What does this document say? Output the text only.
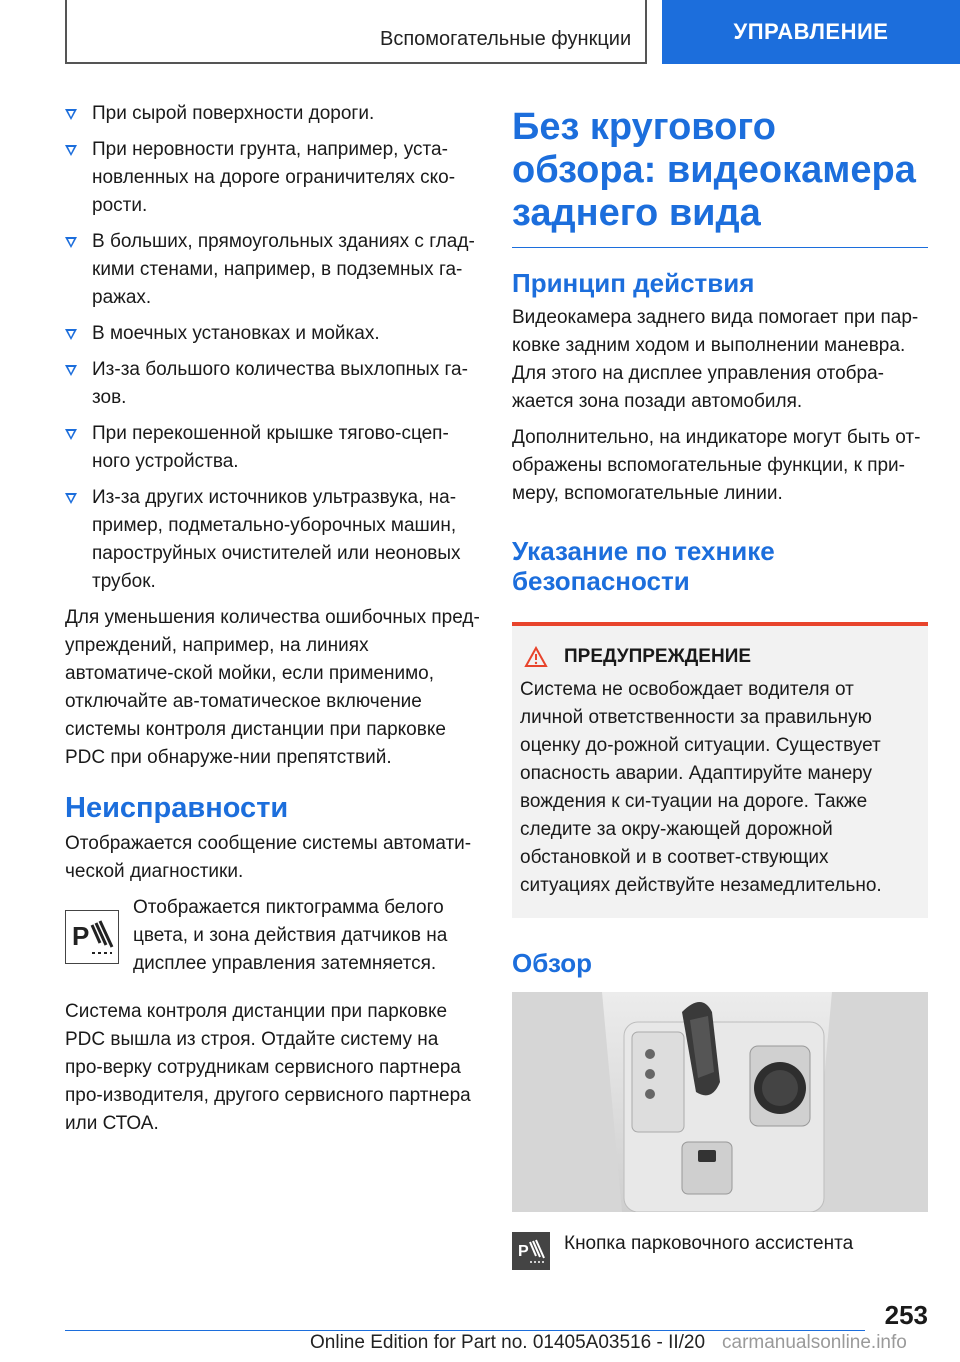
Вспомогательные функции	УПРАВЛЕНИЕ
При сырой поверхности дороги.
При неровности грунта, например, уста-новленных на дороге ограничителях ско-рости.
В больших, прямоугольных зданиях с глад-кими стенами, например, в подземных га-ражах.
В моечных установках и мойках.
Из-за большого количества выхлопных га-зов.
При перекошенной крышке тягово-сцеп-ного устройства.
Из-за других источников ультразвука, на-пример, подметально-уборочных машин, пароструйных очистителей или неоновых трубок.

Для уменьшения количества ошибочных пред-упреждений, например, на линиях автоматиче-ской мойки, если применимо, отключайте ав-томатическое включение системы контроля дистанции при парковке PDC при обнаруже-нии препятствий.

Неисправности

Отображается сообщение системы автомати-ческой диагностики.

P
Отображается пиктограмма белого цвета, и зона действия датчиков на дисплее управления затемняется.

Система контроля дистанции при парковке PDC вышла из строя. Отдайте систему на про-верку сотрудникам сервисного партнера про-изводителя, другого сервисного партнера или СТОА.

Без кругового обзора: видеокамера заднего вида
Принцип действия

Видеокамера заднего вида помогает при пар-ковке задним ходом и выполнении маневра. Для этого на дисплее управления отобра-жается зона позади автомобиля.

Дополнительно, на индикаторе могут быть от-ображены вспомогательные функции, к при-меру, вспомогательные линии.

Указание по технике безопасности
ПРЕДУПРЕЖДЕНИЕ

Система не освобождает водителя от личной ответственности за правильную оценку до-рожной ситуации. Существует опасность аварии. Адаптируйте манеру вождения к си-туации на дороге. Также следите за окру-жающей дорожной обстановкой и в соответ-ствующих ситуациях действуйте незамедлительно.

Обзор
P Кнопка парковочного ассистента
253
Online Edition for Part no. 01405A03516 - II/20 carmanualsonline.info
